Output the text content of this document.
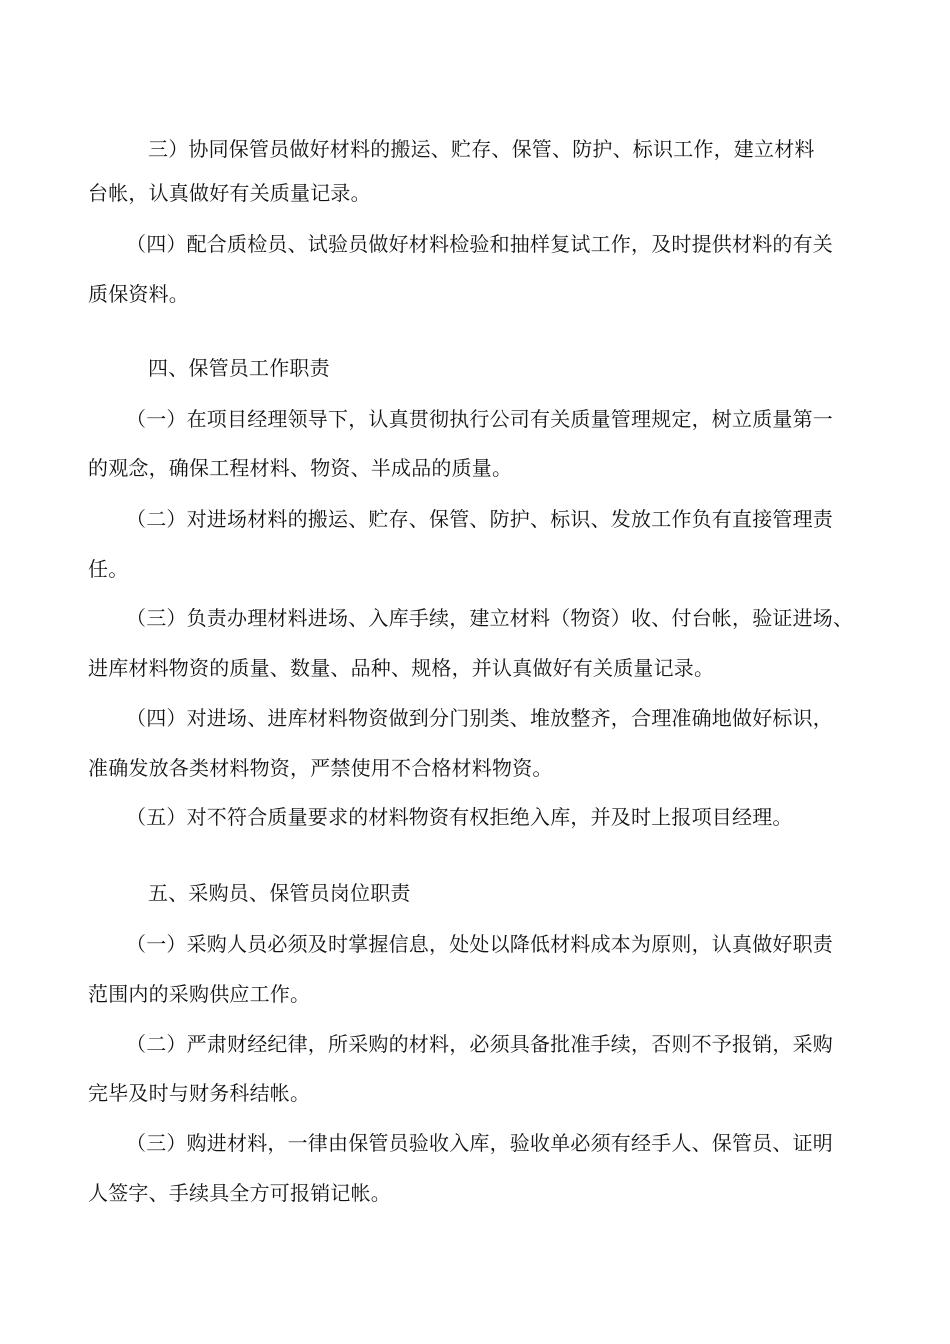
三）协同保管员做好材料的搬运、贮存、保管、防护、标识工作，建立材料
台帐，认真做好有关质量记录。
（四）配合质检员、试验员做好材料检验和抽样复试工作，及时提供材料的有关
质保资料。
四、保管员工作职责
（一）在项目经理领导下，认真贯彻执行公司有关质量管理规定，树立质量第一
的观念，确保工程材料、物资、半成品的质量。
（二）对进场材料的搬运、贮存、保管、防护、标识、发放工作负有直接管理责
任。
（三）负责办理材料进场、入库手续，建立材料（物资）收、付台帐，验证进场、
进库材料物资的质量、数量、品种、规格，并认真做好有关质量记录。
（四）对进场、进库材料物资做到分门别类、堆放整齐，合理准确地做好标识，
准确发放各类材料物资，严禁使用不合格材料物资。
（五）对不符合质量要求的材料物资有权拒绝入库，并及时上报项目经理。
五、采购员、保管员岗位职责
（一）采购人员必须及时掌握信息，处处以降低材料成本为原则，认真做好职责
范围内的采购供应工作。
（二）严肃财经纪律，所采购的材料，必须具备批准手续，否则不予报销，采购
完毕及时与财务科结帐。
（三）购进材料，一律由保管员验收入库，验收单必须有经手人、保管员、证明
人签字、手续具全方可报销记帐。
